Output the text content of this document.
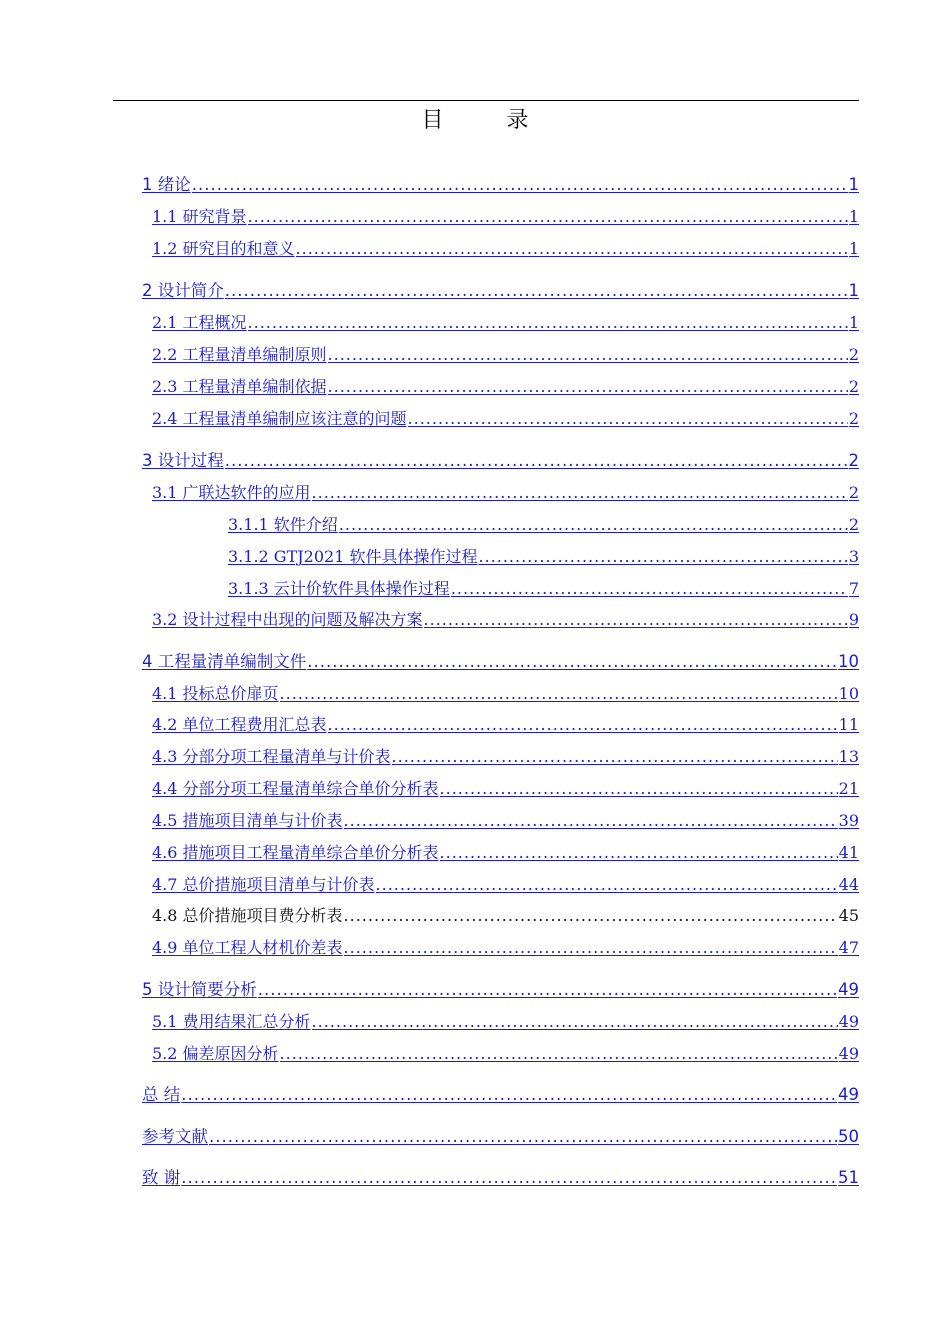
目 录
1 绪论 .....	1
1.1 研究背景 .....	1
1.2 研究目的和意义 .....	1
2 设计简介 .....	1
2.1 工程概况 .....	1
2.2 工程量清单编制原则 .....	2
2.3 工程量清单编制依据 .....	2
2.4 工程量清单编制应该注意的问题 .....	2
3 设计过程 .....	2
3.1 广联达软件的应用 .....	2
3.1.1 软件介绍 .....	2
3.1.2 GTJ2021 软件具体操作过程 .....	3
3.1.3 云计价软件具体操作过程 .....	7
3.2 设计过程中出现的问题及解决方案 .....	9
4 工程量清单编制文件 .....	10
4.1 投标总价扉页 .....	10
4.2 单位工程费用汇总表 .....	11
4.3 分部分项工程量清单与计价表 .....	13
4.4 分部分项工程量清单综合单价分析表 .....	21
4.5 措施项目清单与计价表 .....	39
4.6 措施项目工程量清单综合单价分析表 .....	41
4.7 总价措施项目清单与计价表 .....	44
4.8 总价措施项目费分析表 .....	45
4.9 单位工程人材机价差表 .....	47
5 设计简要分析 .....	49
5.1 费用结果汇总分析 .....	49
5.2 偏差原因分析 .....	49
总 结 .....	49
参考文献 .....	50
致 谢 .....	51
